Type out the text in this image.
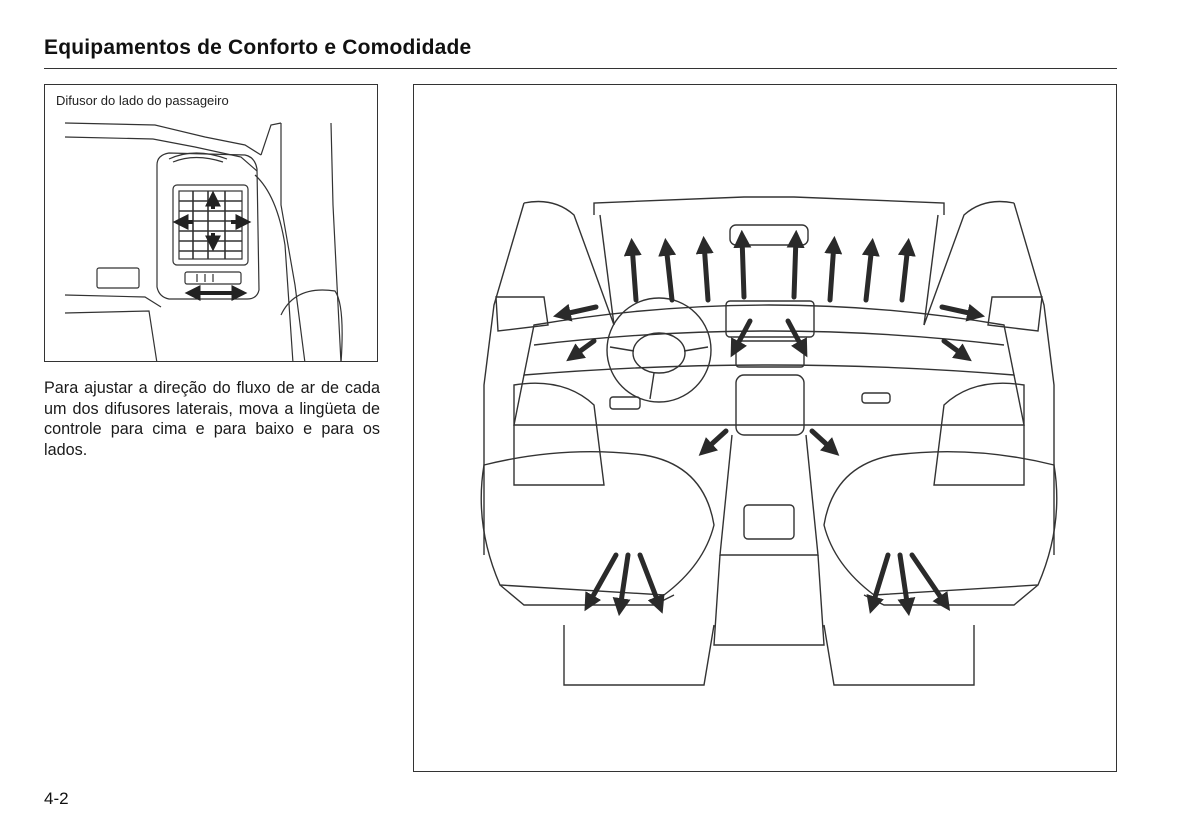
Equipamentos de Conforto e Comodidade
Difusor do lado do passageiro
Para ajustar a direção do fluxo de ar de cada um dos difusores laterais, mova a lingüeta de controle para cima e para baixo e para os lados.
4-2
